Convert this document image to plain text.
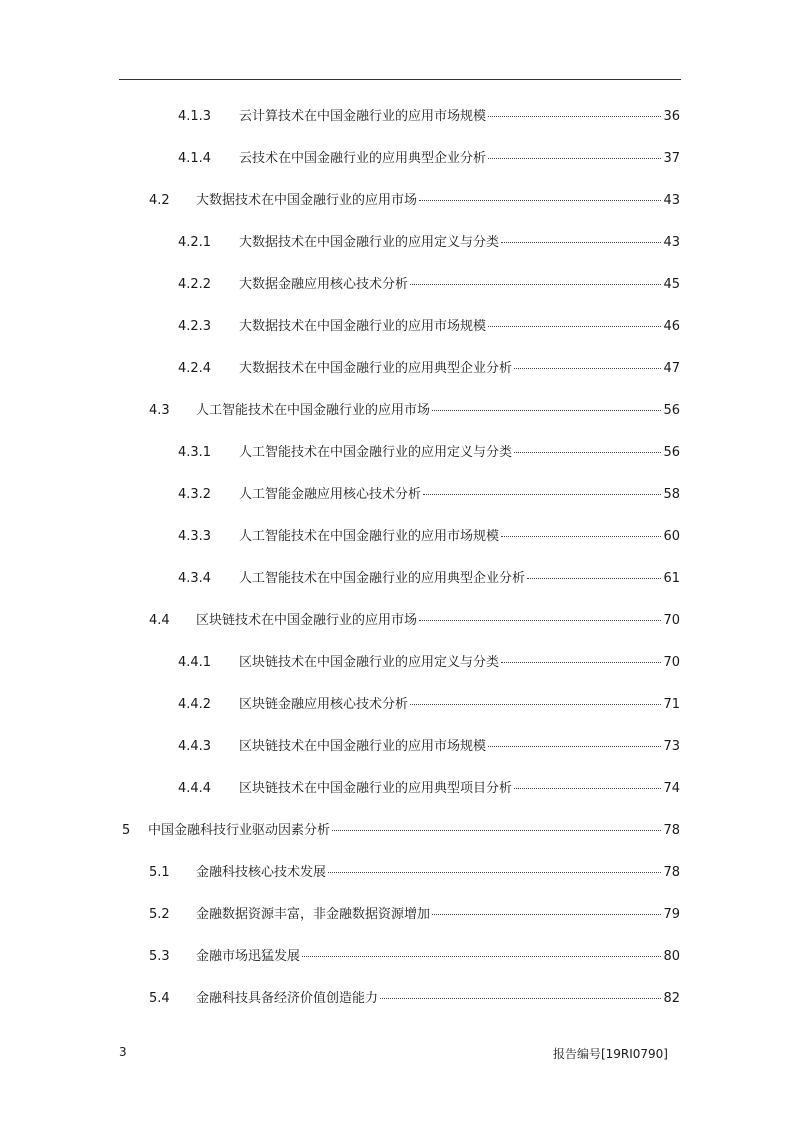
4.1.3	云计算技术在中国金融行业的应用市场规模	36
4.1.4	云技术在中国金融行业的应用典型企业分析	37
4.2	大数据技术在中国金融行业的应用市场	43
4.2.1	大数据技术在中国金融行业的应用定义与分类	43
4.2.2	大数据金融应用核心技术分析	45
4.2.3	大数据技术在中国金融行业的应用市场规模	46
4.2.4	大数据技术在中国金融行业的应用典型企业分析	47
4.3	人工智能技术在中国金融行业的应用市场	56
4.3.1	人工智能技术在中国金融行业的应用定义与分类	56
4.3.2	人工智能金融应用核心技术分析	58
4.3.3	人工智能技术在中国金融行业的应用市场规模	60
4.3.4	人工智能技术在中国金融行业的应用典型企业分析	61
4.4	区块链技术在中国金融行业的应用市场	70
4.4.1	区块链技术在中国金融行业的应用定义与分类	70
4.4.2	区块链金融应用核心技术分析	71
4.4.3	区块链技术在中国金融行业的应用市场规模	73
4.4.4	区块链技术在中国金融行业的应用典型项目分析	74
5	中国金融科技行业驱动因素分析	78
5.1	金融科技核心技术发展	78
5.2	金融数据资源丰富，非金融数据资源增加	79
5.3	金融市场迅猛发展	80
5.4	金融科技具备经济价值创造能力	82
3	报告编号[19RI0790]
